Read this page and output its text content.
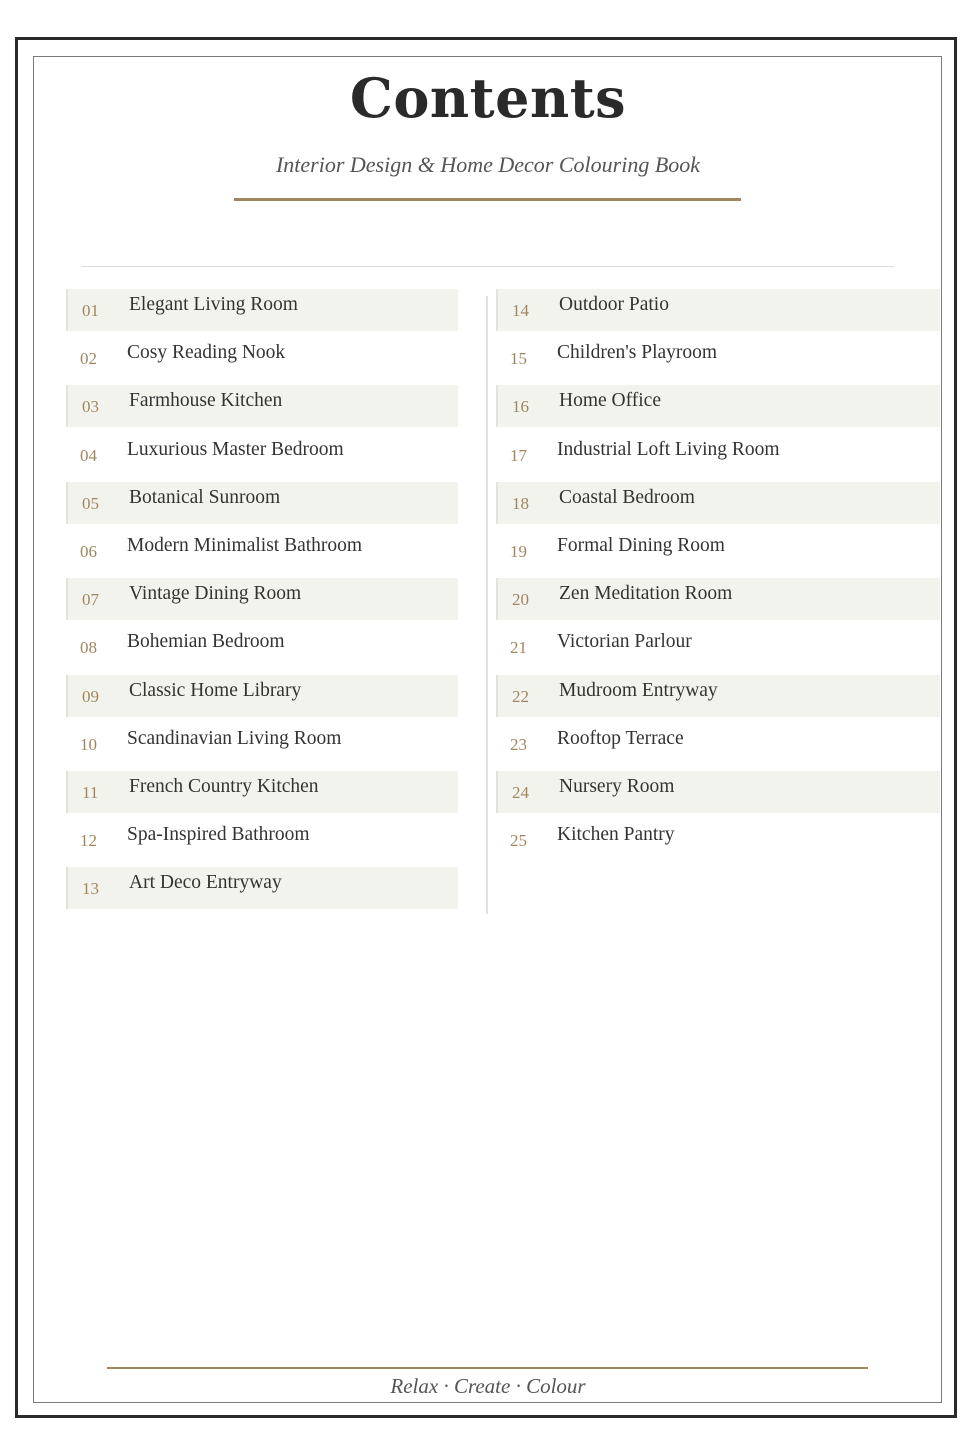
Contents
Interior Design & Home Decor Colouring Book
01 Elegant Living Room
02 Cosy Reading Nook
03 Farmhouse Kitchen
04 Luxurious Master Bedroom
05 Botanical Sunroom
06 Modern Minimalist Bathroom
07 Vintage Dining Room
08 Bohemian Bedroom
09 Classic Home Library
10 Scandinavian Living Room
11 French Country Kitchen
12 Spa-Inspired Bathroom
13 Art Deco Entryway
14 Outdoor Patio
15 Children's Playroom
16 Home Office
17 Industrial Loft Living Room
18 Coastal Bedroom
19 Formal Dining Room
20 Zen Meditation Room
21 Victorian Parlour
22 Mudroom Entryway
23 Rooftop Terrace
24 Nursery Room
25 Kitchen Pantry
Relax · Create · Colour
